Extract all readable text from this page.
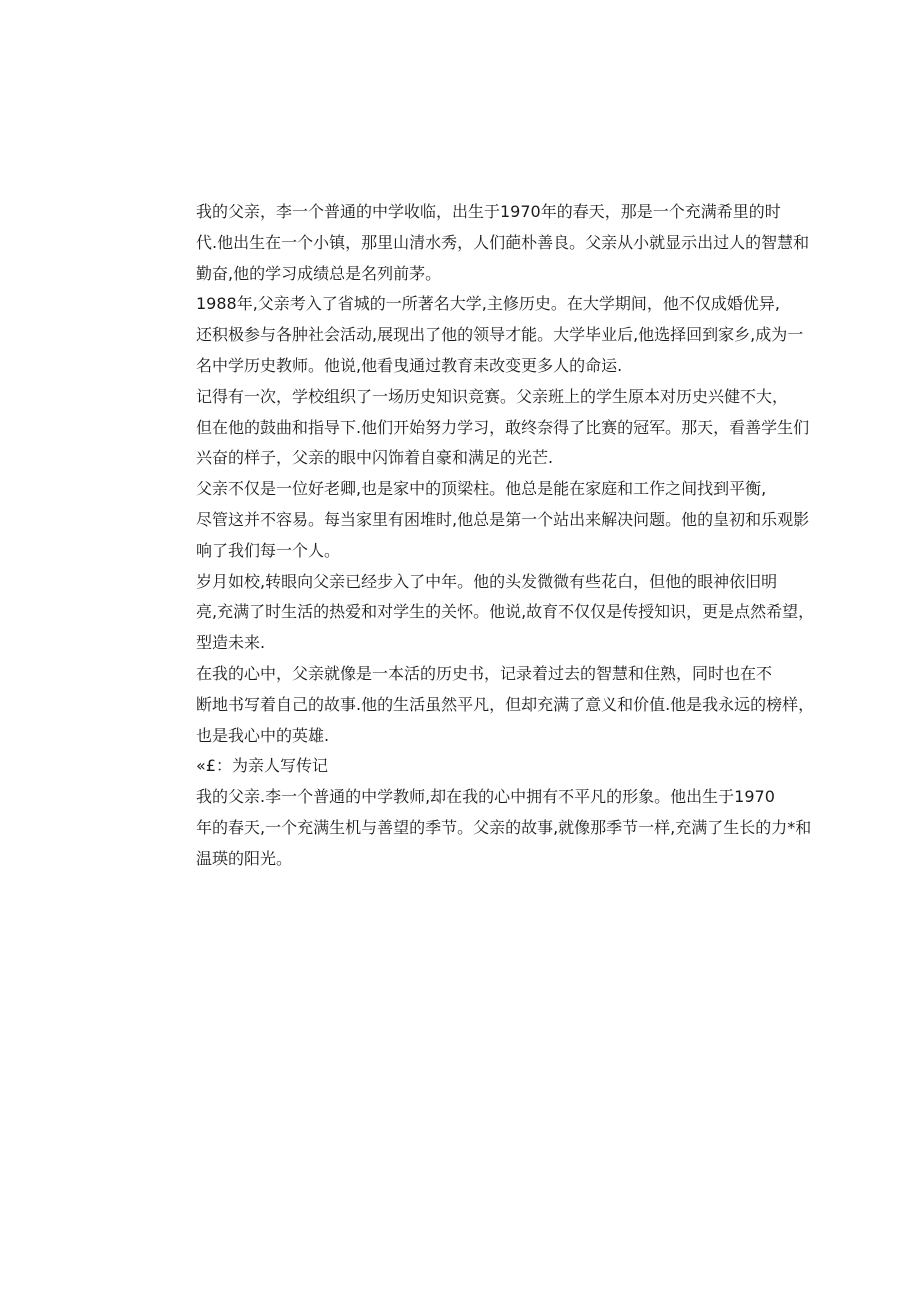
我的父亲，李一个普通的中学收临，出生于1970年的春天，那是一个充满希里的时
代.他出生在一个小镇，那里山清水秀，人们葩朴善良。父亲从小就显示出过人的智慧和
勤奋,他的学习成绩总是名列前茅。

1988年,父亲考入了省城的一所著名大学,主修历史。在大学期间，他不仅成婚优异,
还积极参与各肿社会活动,展现出了他的领导才能。大学毕业后,他选择回到家乡,成为一
名中学历史教师。他说,他看曳通过教育耒改变更多人的命运.

记得有一次，学校组织了一场历史知识竞赛。父亲班上的学生原本对历史兴健不大，
但在他的鼓曲和指导下.他们开始努力学习，敢终奈得了比赛的冠军。那天，看善学生们
兴奋的样子，父亲的眼中闪饰着自豪和满足的光芒.

父亲不仅是一位好老卿,也是家中的顶梁柱。他总是能在家庭和工作之间找到平衡,
尽管这并不容易。每当家里有困堆时,他总是第一个站出来解决问题。他的皇初和乐观影
响了我们每一个人。

岁月如校,转眼向父亲已经步入了中年。他的头发微微有些花白，但他的眼神依旧明
亮,充满了时生活的热爱和对学生的关怀。他说,故育不仅仅是传授知识，更是点然希望，
型造未来.

在我的心中，父亲就像是一本活的历史书，记录着过去的智慧和住熟，同时也在不
断地书写着自己的故事.他的生活虽然平凡，但却充满了意义和价值.他是我永远的榜样，
也是我心中的英雄.

«£：为亲人写传记

我的父亲.李一个普通的中学教师,却在我的心中拥有不平凡的形象。他出生于1970
年的春天,一个充满生机与善望的季节。父亲的故事,就像那季节一样,充满了生长的力*和
温瑛的阳光。
